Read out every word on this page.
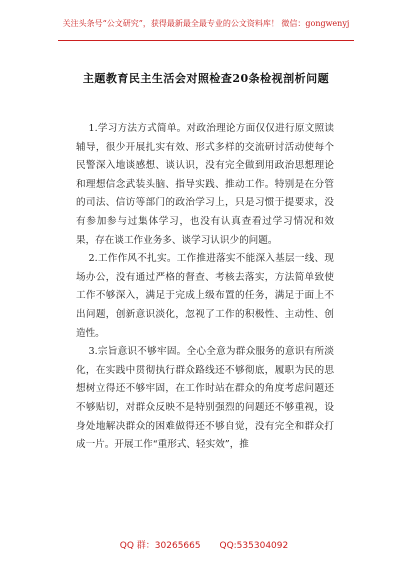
关注头条号“公文研究”，获得最新最全最专业的公文资料库！ 微信：gongwenyj
主题教育民主生活会对照检查20条检视剖析问题

1.学习方法方式简单。对政治理论方面仅仅进行原文照读辅导，很少开展扎实有效、形式多样的交流研讨活动使每个民警深入地谈感想、谈认识，没有完全做到用政治思想理论和理想信念武装头脑、指导实践、推动工作。特别是在分管的司法、信访等部门的政治学习上，只是习惯于提要求，没有参加参与过集体学习，也没有认真查看过学习情况和效果，存在谈工作业务多、谈学习认识少的问题。

2.工作作风不扎实。工作推进落实不能深入基层一线、现场办公，没有通过严格的督查、考核去落实，方法简单致使工作不够深入，满足于完成上级布置的任务，满足于面上不出问题，创新意识淡化，忽视了工作的积极性、主动性、创造性。

3.宗旨意识不够牢固。全心全意为群众服务的意识有所淡化，在实践中贯彻执行群众路线还不够彻底，履职为民的思想树立得还不够牢固，在工作时站在群众的角度考虑问题还不够贴切，对群众反映不是特别强烈的问题还不够重视，设身处地解决群众的困难做得还不够自觉，没有完全和群众打成一片。开展工作“重形式、轻实效”，推

QQ 群：30265665 QQ:535304092
